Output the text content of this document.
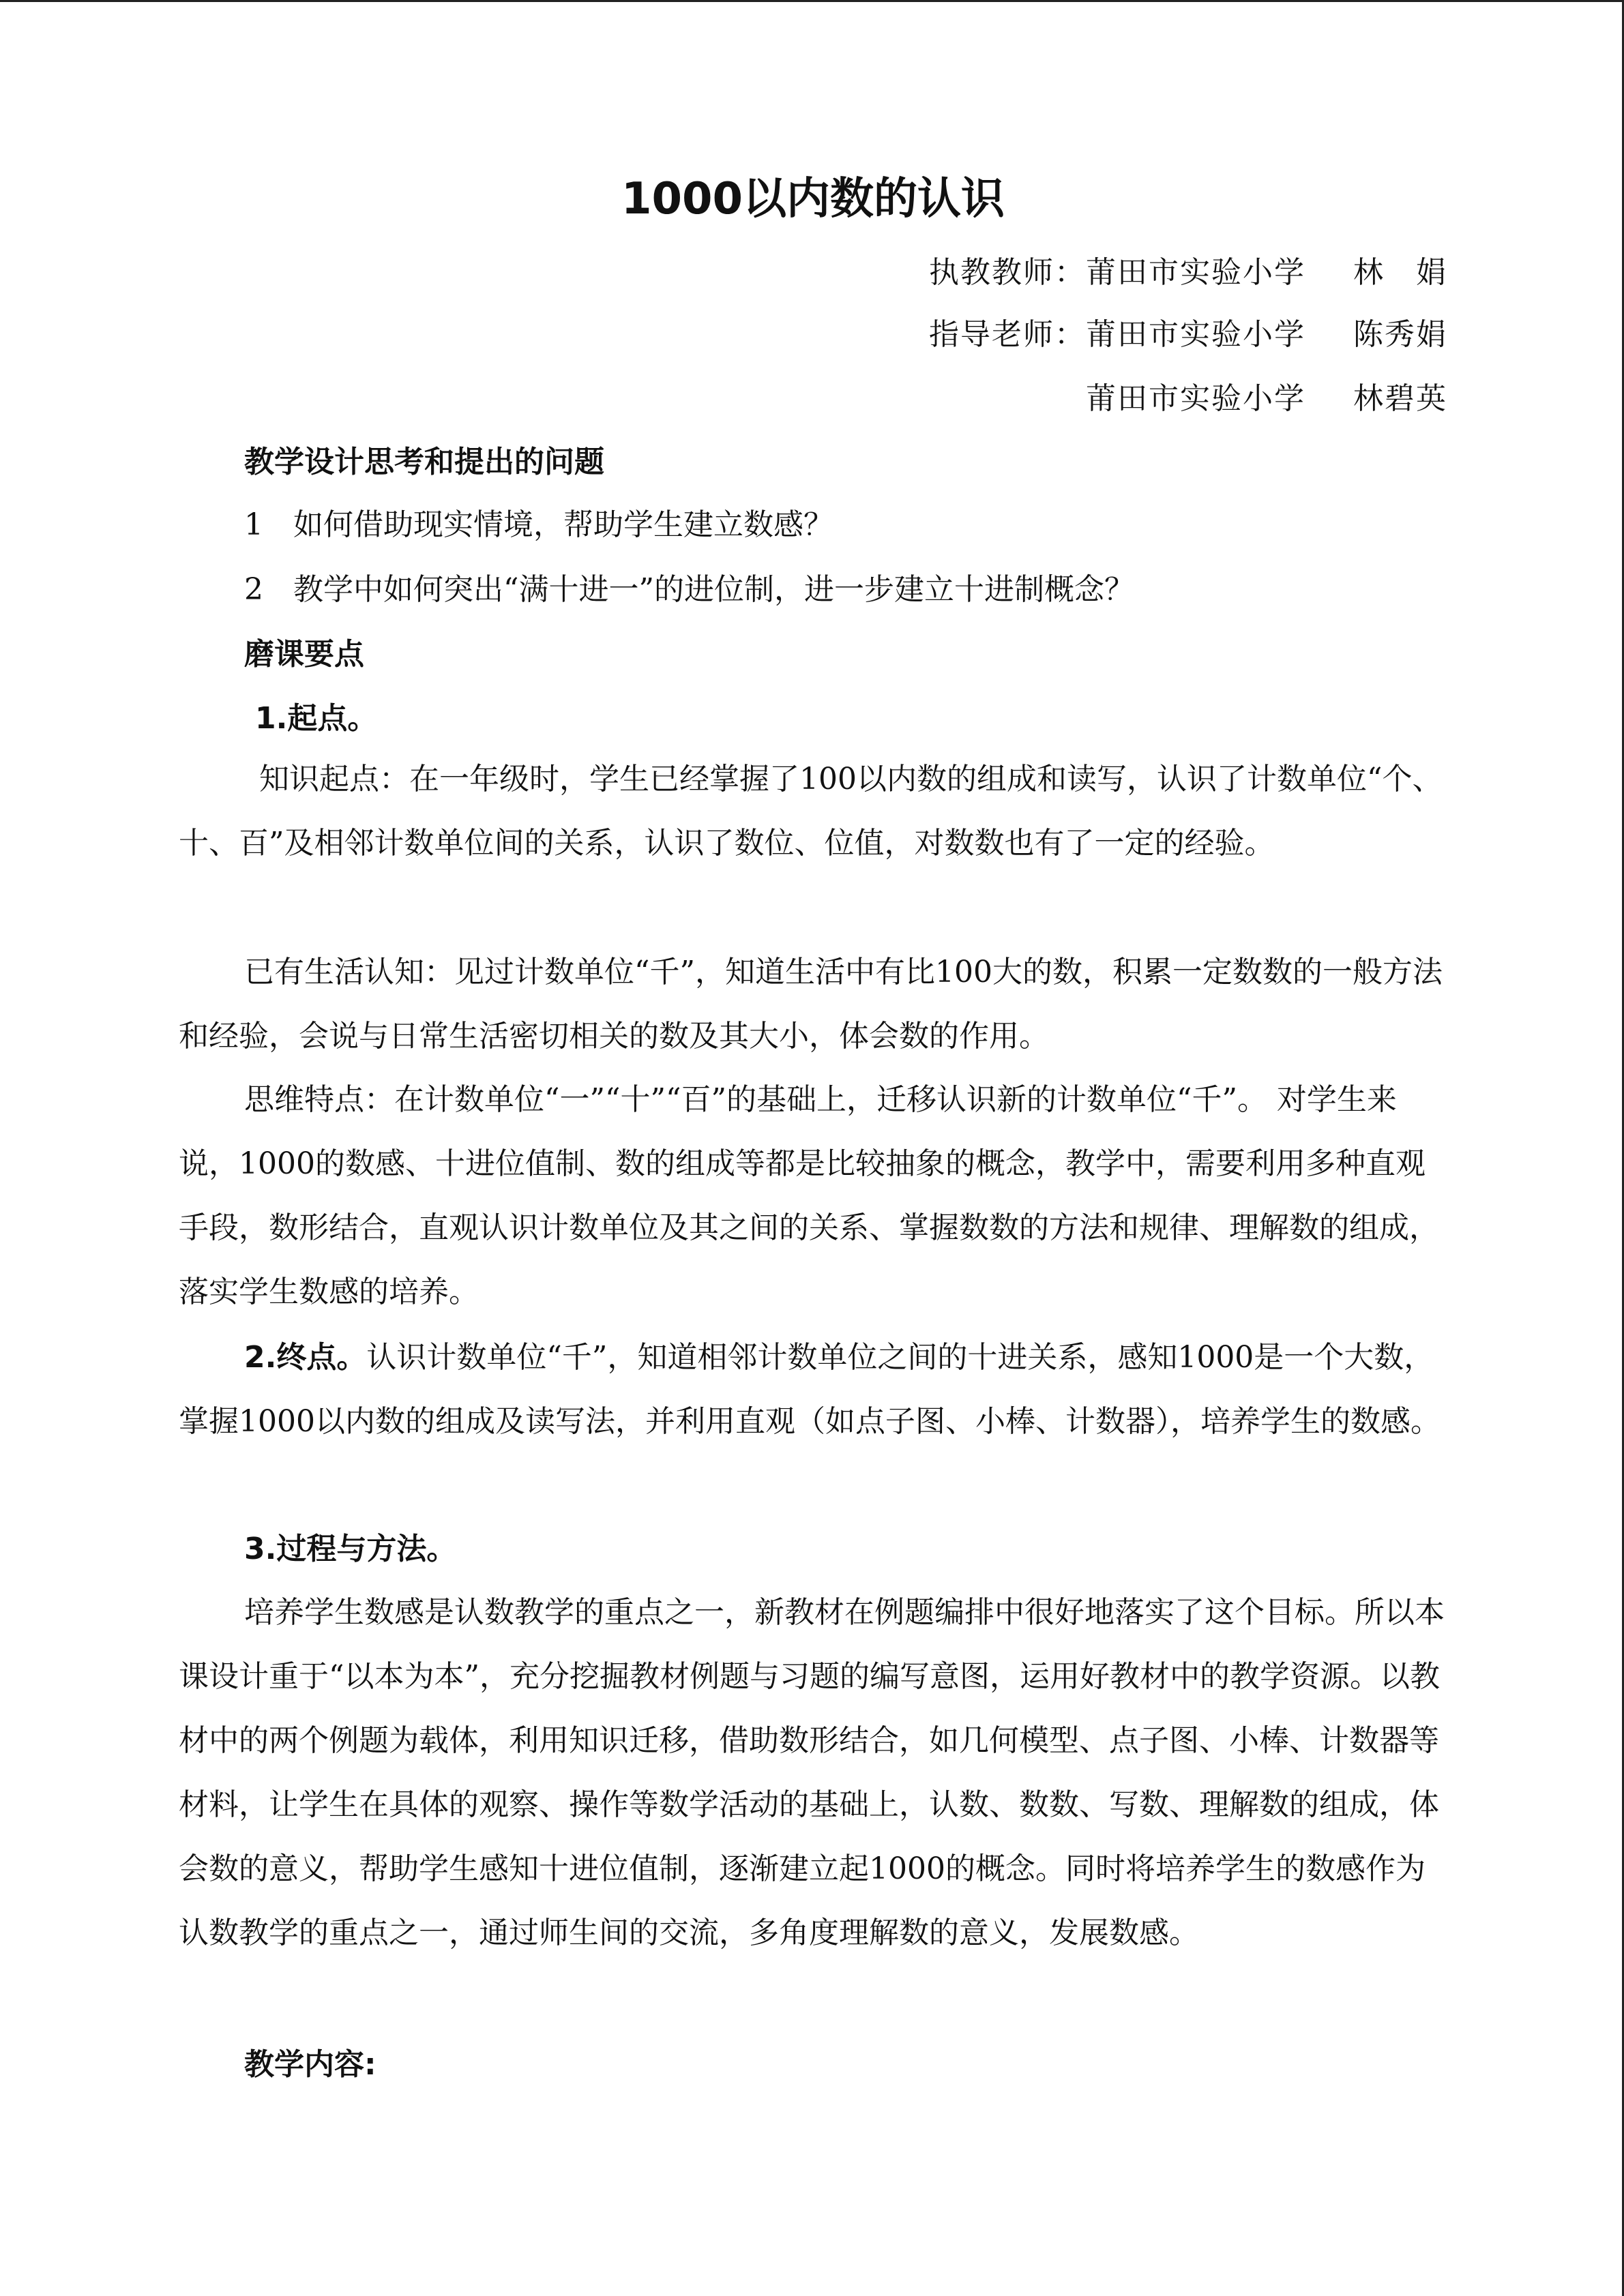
1000以内数的认识
执教教师：莆田市实验小学 林　娟
指导老师：莆田市实验小学 陈秀娟
莆田市实验小学 林碧英
教学设计思考和提出的问题
1 如何借助现实情境，帮助学生建立数感？
2 教学中如何突出“满十进一”的进位制，进一步建立十进制概念？
磨课要点
1.起点。

知识起点：在一年级时，学生已经掌握了100以内数的组成和读写，认识了计数单位“个、十、百”及相邻计数单位间的关系，认识了数位、位值，对数数也有了一定的经验。

已有生活认知：见过计数单位“千”，知道生活中有比100大的数，积累一定数数的一般方法和经验，会说与日常生活密切相关的数及其大小，体会数的作用。

思维特点：在计数单位“一”“十”“百”的基础上，迁移认识新的计数单位“千”。 对学生来说，1000的数感、十进位值制、数的组成等都是比较抽象的概念，教学中，需要利用多种直观手段，数形结合，直观认识计数单位及其之间的关系、掌握数数的方法和规律、理解数的组成，落实学生数感的培养。

2.终点。认识计数单位“千”，知道相邻计数单位之间的十进关系，感知1000是一个大数，掌握1000以内数的组成及读写法，并利用直观（如点子图、小棒、计数器），培养学生的数感。

3.过程与方法。

培养学生数感是认数教学的重点之一，新教材在例题编排中很好地落实了这个目标。所以本课设计重于“以本为本”，充分挖掘教材例题与习题的编写意图，运用好教材中的教学资源。以教材中的两个例题为载体，利用知识迁移，借助数形结合，如几何模型、点子图、小棒、计数器等材料，让学生在具体的观察、操作等数学活动的基础上，认数、数数、写数、理解数的组成，体会数的意义，帮助学生感知十进位值制，逐渐建立起1000的概念。同时将培养学生的数感作为认数教学的重点之一，通过师生间的交流，多角度理解数的意义，发展数感。

教学内容:
